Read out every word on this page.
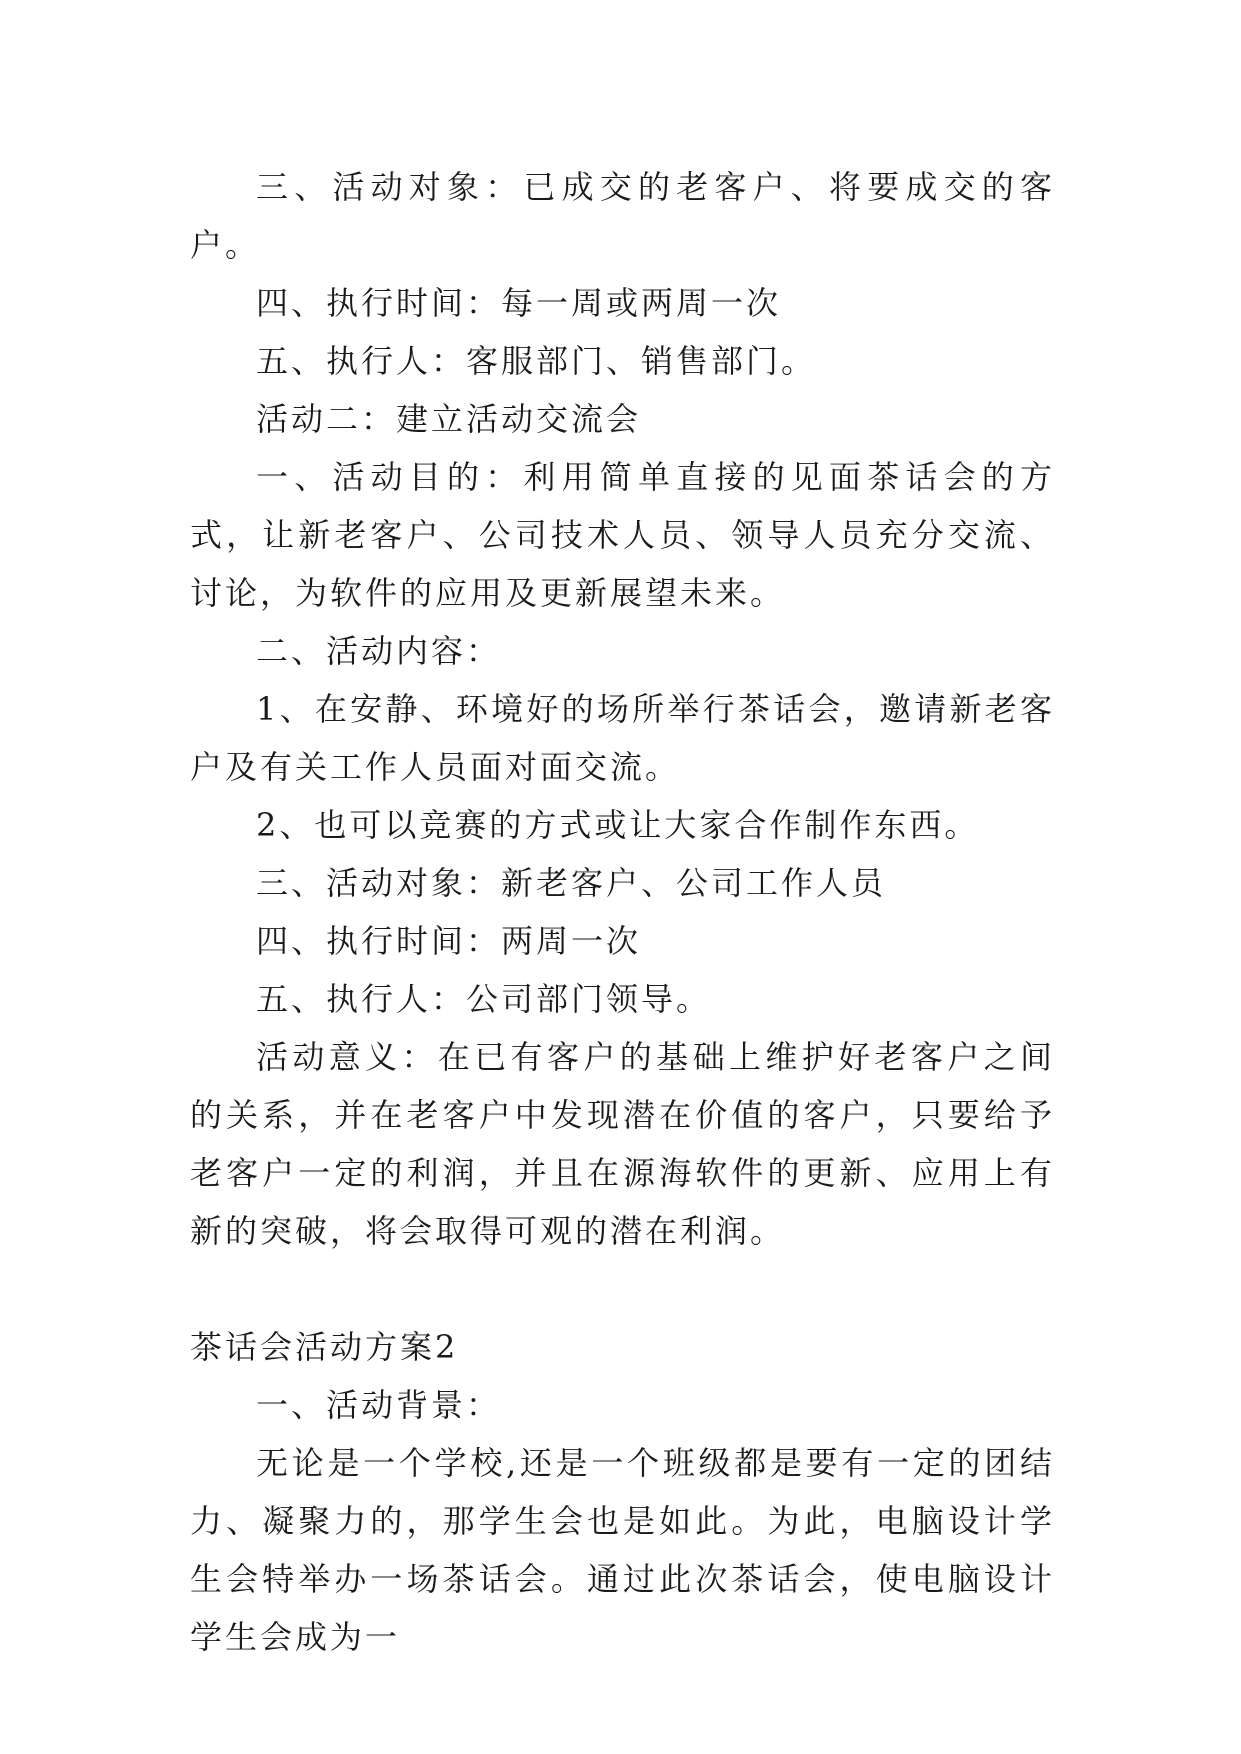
三、活动对象：已成交的老客户、将要成交的客户。

四、执行时间：每一周或两周一次

五、执行人：客服部门、销售部门。

活动二：建立活动交流会

一、活动目的：利用简单直接的见面茶话会的方式，让新老客户、公司技术人员、领导人员充分交流、讨论，为软件的应用及更新展望未来。

二、活动内容：

1、在安静、环境好的场所举行茶话会，邀请新老客户及有关工作人员面对面交流。

2、也可以竞赛的方式或让大家合作制作东西。

三、活动对象：新老客户、公司工作人员

四、执行时间：两周一次

五、执行人：公司部门领导。

活动意义：在已有客户的基础上维护好老客户之间的关系，并在老客户中发现潜在价值的客户，只要给予老客户一定的利润，并且在源海软件的更新、应用上有新的突破，将会取得可观的潜在利润。

茶话会活动方案2

一、活动背景：

无论是一个学校,还是一个班级都是要有一定的团结力、凝聚力的，那学生会也是如此。为此，电脑设计学生会特举办一场茶话会。通过此次茶话会，使电脑设计学生会成为一
